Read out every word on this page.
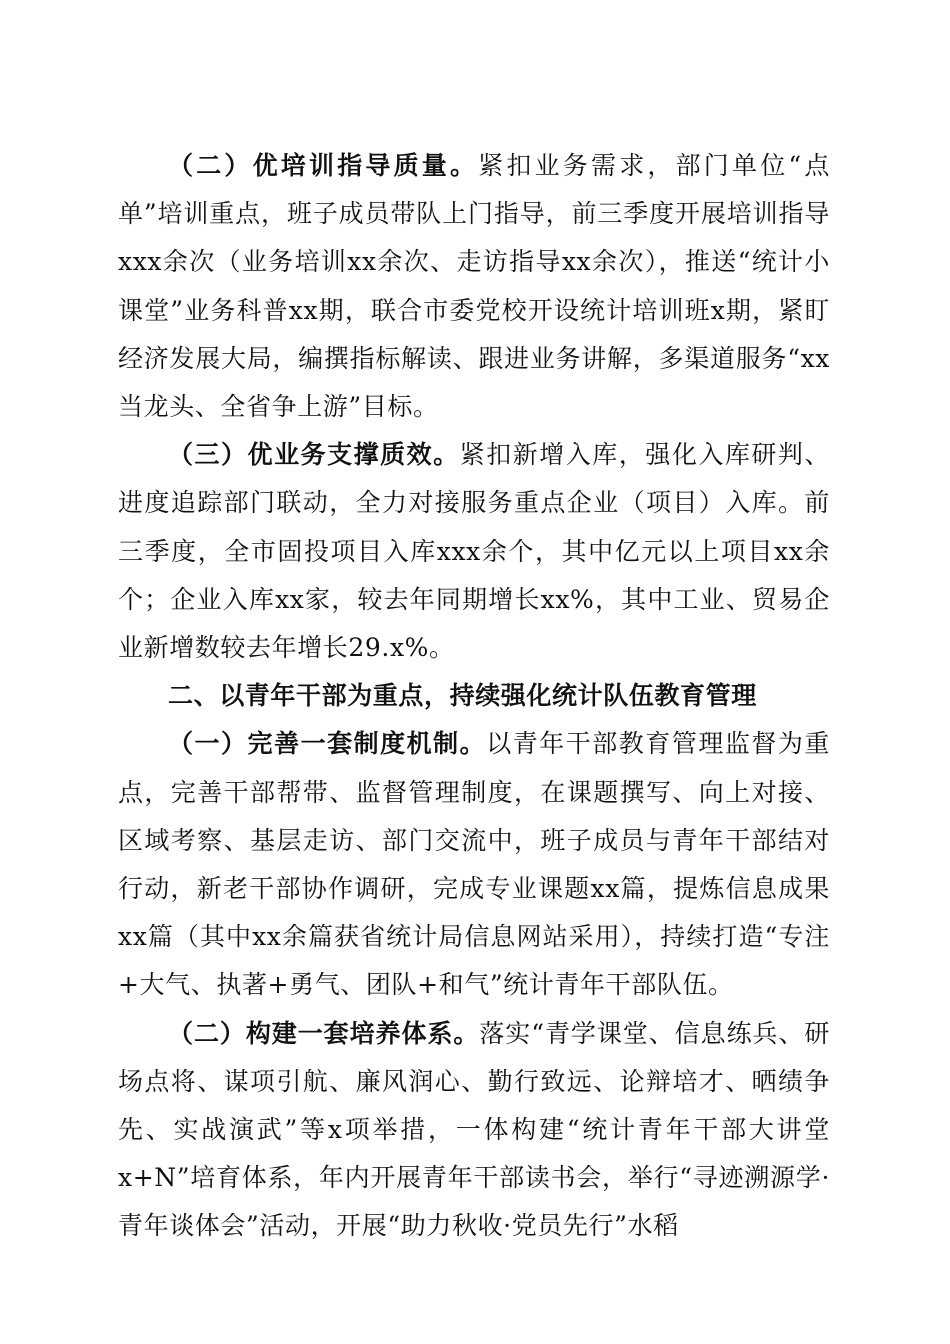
（二）优培训指导质量。紧扣业务需求，部门单位“点单”培训重点，班子成员带队上门指导，前三季度开展培训指导xxx余次（业务培训xx余次、走访指导xx余次），推送“统计小课堂”业务科普xx期，联合市委党校开设统计培训班x期，紧盯经济发展大局，编撰指标解读、跟进业务讲解，多渠道服务“xx当龙头、全省争上游”目标。

（三）优业务支撑质效。紧扣新增入库，强化入库研判、进度追踪部门联动，全力对接服务重点企业（项目）入库。前三季度，全市固投项目入库xxx余个，其中亿元以上项目xx余个；企业入库xx家，较去年同期增长xx%，其中工业、贸易企业新增数较去年增长29.x%。

二、以青年干部为重点，持续强化统计队伍教育管理

（一）完善一套制度机制。以青年干部教育管理监督为重点，完善干部帮带、监督管理制度，在课题撰写、向上对接、区域考察、基层走访、部门交流中，班子成员与青年干部结对行动，新老干部协作调研，完成专业课题xx篇，提炼信息成果xx篇（其中xx余篇获省统计局信息网站采用），持续打造“专注+大气、执著+勇气、团队+和气”统计青年干部队伍。

（二）构建一套培养体系。落实“青学课堂、信息练兵、研场点将、谋项引航、廉风润心、勤行致远、论辩培才、晒绩争先、实战演武”等x项举措，一体构建“统计青年干部大讲堂x+N”培育体系，年内开展青年干部读书会，举行“寻迹溯源学·青年谈体会”活动，开展“助力秋收·党员先行”水稻
